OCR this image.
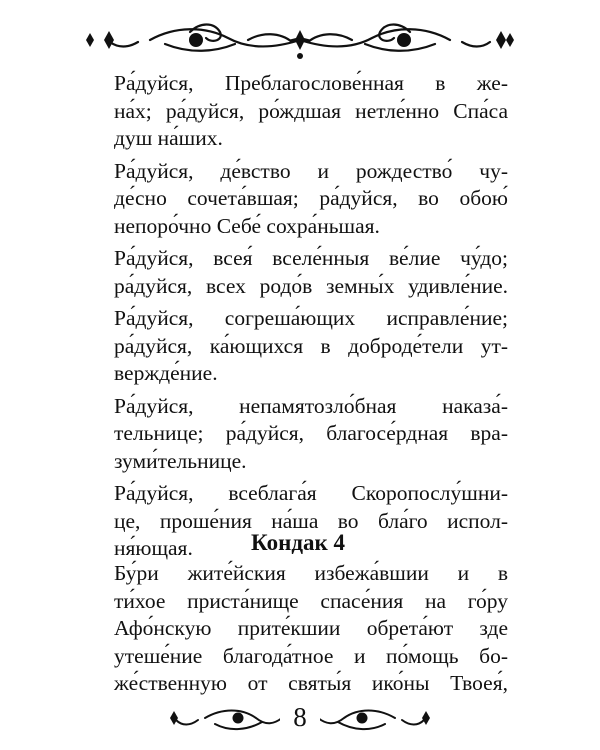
Ра́дуйся, Преблагослове́нная в же-
на́х; ра́дуйся, ро́ждшая нетле́нно Спа́са
душ на́ших.

Ра́дуйся, де́вство и рождество́ чу-
де́сно сочета́вшая; ра́дуйся, во обою́
непоро́чно Себе́ сохра́ньшая.

Ра́дуйся, всея́ вселе́нныя ве́лие чу́до;
ра́дуйся, всех родо́в земны́х удивле́ние.

Ра́дуйся, согреша́ющих исправле́ние;
ра́дуйся, ка́ющихся в доброде́тели ут-
вержде́ние.

Ра́дуйся, непамятозло́бная наказа́-
тельнице; ра́дуйся, благосе́рдная вра-
зуми́тельнице.

Ра́дуйся, всеблага́я Скоропослу́шни-
це, проше́ния на́ша во бла́го испол-
ня́ющая.	Кондак 4

Бу́ри жите́йския избежа́вшии и в
ти́хое приста́нище спасе́ния на го́ру
Афо́нскую прите́кшии обрета́ют зде
утеше́ние благода́тное и по́мощь бо-
же́ственную от святы́я ико́ны Твоея́,

8
